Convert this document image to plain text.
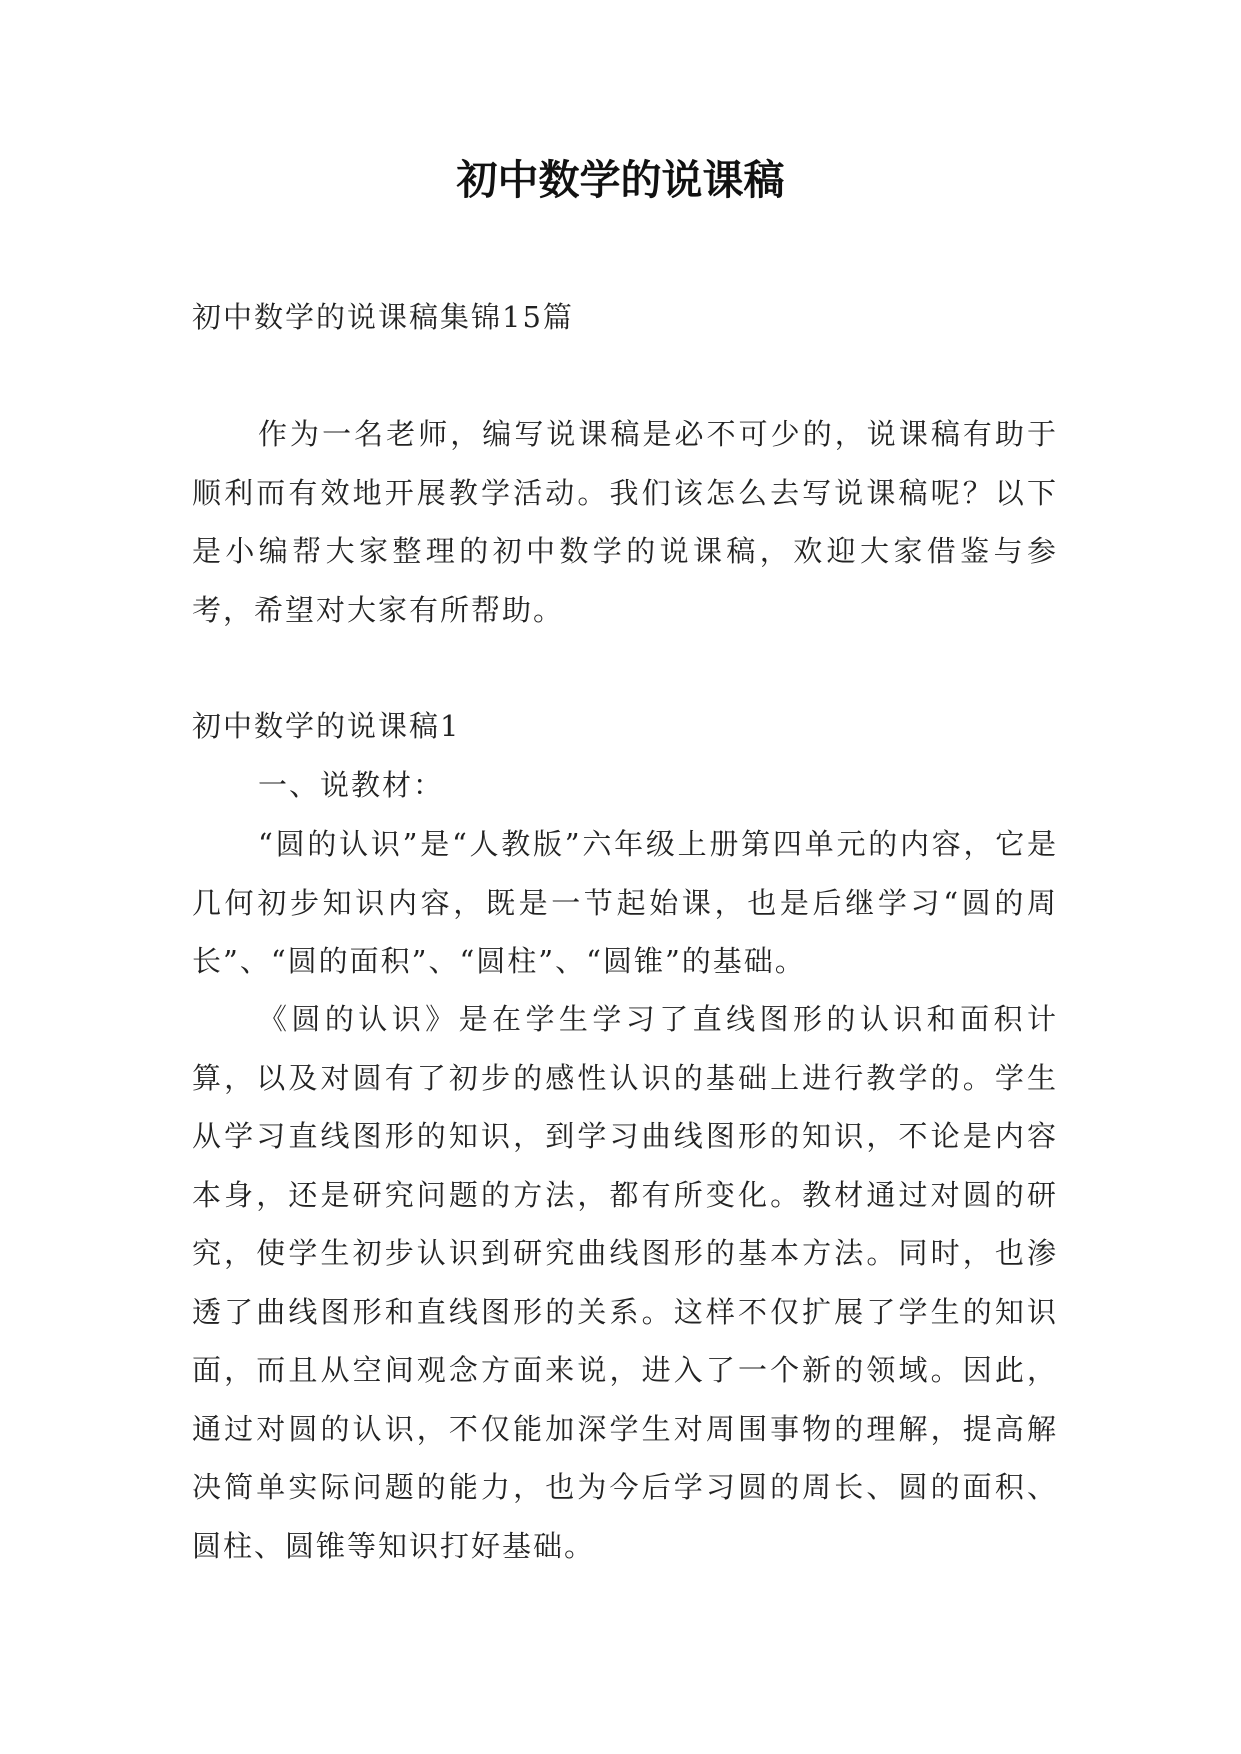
初中数学的说课稿

初中数学的说课稿集锦15篇

作为一名老师，编写说课稿是必不可少的，说课稿有助于顺利而有效地开展教学活动。我们该怎么去写说课稿呢？以下是小编帮大家整理的初中数学的说课稿，欢迎大家借鉴与参考，希望对大家有所帮助。

初中数学的说课稿1

一、说教材：

“圆的认识”是“人教版”六年级上册第四单元的内容，它是几何初步知识内容，既是一节起始课，也是后继学习“圆的周长”、“圆的面积”、“圆柱”、“圆锥”的基础。

《圆的认识》是在学生学习了直线图形的认识和面积计算，以及对圆有了初步的感性认识的基础上进行教学的。学生从学习直线图形的知识，到学习曲线图形的知识，不论是内容本身，还是研究问题的方法，都有所变化。教材通过对圆的研究，使学生初步认识到研究曲线图形的基本方法。同时，也渗透了曲线图形和直线图形的关系。这样不仅扩展了学生的知识面，而且从空间观念方面来说，进入了一个新的领域。因此，通过对圆的认识，不仅能加深学生对周围事物的理解，提高解决简单实际问题的能力，也为今后学习圆的周长、圆的面积、圆柱、圆锥等知识打好基础。
